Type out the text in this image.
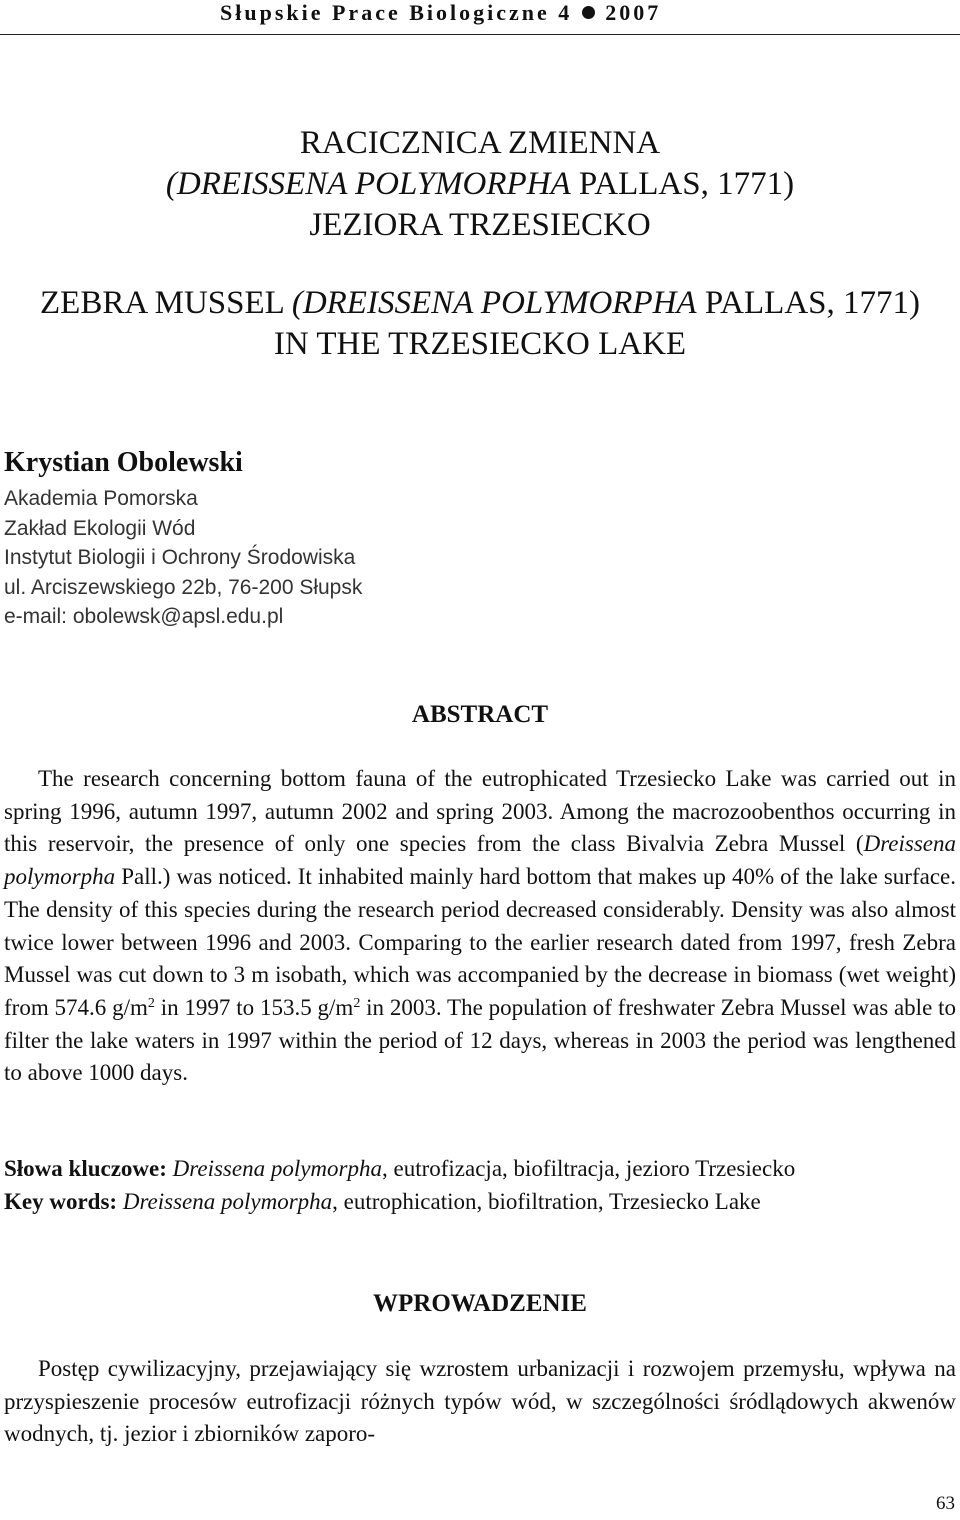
Słupskie Prace Biologiczne 4 2007
RACICZNICA ZMIENNA
(DREISSENA POLYMORPHA PALLAS, 1771)
JEZIORA TRZESIECKO
ZEBRA MUSSEL (DREISSENA POLYMORPHA PALLAS, 1771)
IN THE TRZESIECKO LAKE
Krystian Obolewski
Akademia Pomorska
Zakład Ekologii Wód
Instytut Biologii i Ochrony Środowiska
ul. Arciszewskiego 22b, 76-200 Słupsk
e-mail: obolewsk@apsl.edu.pl
ABSTRACT
The research concerning bottom fauna of the eutrophicated Trzesiecko Lake was carried out in spring 1996, autumn 1997, autumn 2002 and spring 2003. Among the macrozoobenthos occurring in this reservoir, the presence of only one species from the class Bivalvia Zebra Mussel (Dreissena polymorpha Pall.) was noticed. It inhabited mainly hard bottom that makes up 40% of the lake surface. The density of this species during the research period decreased considerably. Density was also almost twice lower between 1996 and 2003. Comparing to the earlier research dated from 1997, fresh Zebra Mussel was cut down to 3 m isobath, which was accompanied by the decrease in biomass (wet weight) from 574.6 $g/m^2$ in 1997 to 153.5 $g/m^2$ in 2003. The population of freshwater Zebra Mussel was able to filter the lake waters in 1997 within the period of 12 days, whereas in 2003 the period was lengthened to above 1000 days.
Słowa kluczowe: Dreissena polymorpha, eutrofizacja, biofiltracja, jezioro Trzesiecko
Key words: Dreissena polymorpha, eutrophication, biofiltration, Trzesiecko Lake
WPROWADZENIE
Postęp cywilizacyjny, przejawiający się wzrostem urbanizacji i rozwojem przemysłu, wpływa na przyspieszenie procesów eutrofizacji różnych typów wód, w szczególności śródlądowych akwenów wodnych, tj. jezior i zbiorników zaporo-
63
